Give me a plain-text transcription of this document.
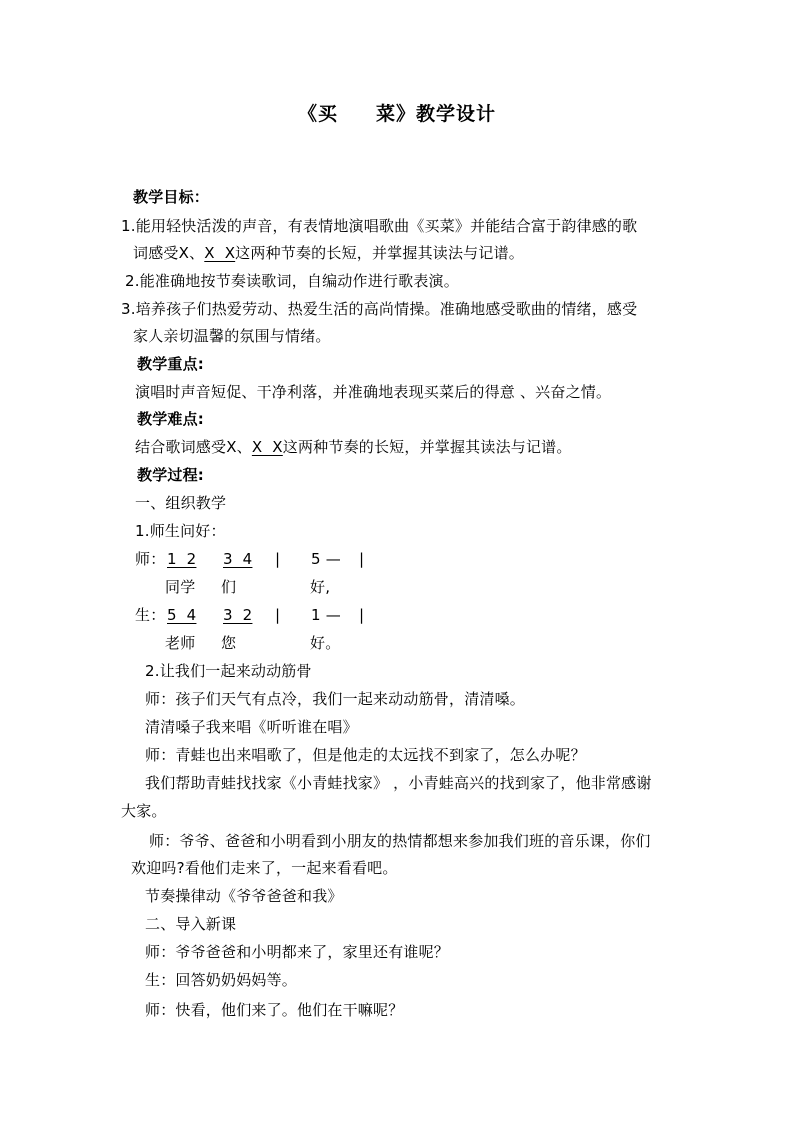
《买     菜》教学设计
教学目标：
1.能用轻快活泼的声音，有表情地演唱歌曲《买菜》并能结合富于韵律感的歌
词感受X、X  X这两种节奏的长短，并掌握其读法与记谱。
2.能准确地按节奏读歌词，自编动作进行歌表演。
3.培养孩子们热爱劳动、热爱生活的高尚情操。准确地感受歌曲的情绪，感受
家人亲切温馨的氛围与情绪。
教学重点:
演唱时声音短促、干净利落，并准确地表现买菜后的得意 、兴奋之情。
教学难点:
结合歌词感受X、X  X这两种节奏的长短，并掌握其读法与记谱。
教学过程:
一、组织教学
1.师生问好：
师： 1  2 3  4 | 5 — |
同学 们	好,
生： 5  4 3  2 | 1 — |
老师 您	好。
2.让我们一起来动动筋骨
师：孩子们天气有点冷，我们一起来动动筋骨，清清嗓。
清清嗓子我来唱《听听谁在唱》
师：青蛙也出来唱歌了，但是他走的太远找不到家了，怎么办呢？
我们帮助青蛙找找家《小青蛙找家》 ，小青蛙高兴的找到家了，他非常感谢
大家。
师：爷爷、爸爸和小明看到小朋友的热情都想来参加我们班的音乐课，你们
欢迎吗?看他们走来了，一起来看看吧。
节奏操律动《爷爷爸爸和我》
二、导入新课
师：爷爷爸爸和小明都来了，家里还有谁呢？
生：回答奶奶妈妈等。
师：快看，他们来了。他们在干嘛呢？
